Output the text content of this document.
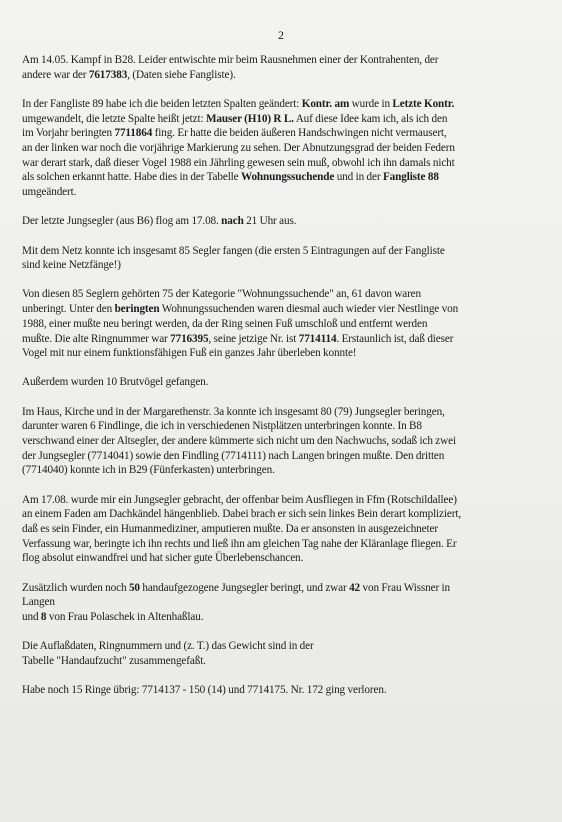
2
Am 14.05. Kampf in B28. Leider entwischte mir beim Rausnehmen einer der Kontrahenten, der
andere war der 7617383, (Daten siehe Fangliste).
In der Fangliste 89 habe ich die beiden letzten Spalten geändert: Kontr. am wurde in Letzte Kontr.
umgewandelt, die letzte Spalte heißt jetzt: Mauser (H10) R L. Auf diese Idee kam ich, als ich den
im Vorjahr beringten 7711864 fing. Er hatte die beiden äußeren Handschwingen nicht vermausert,
an der linken war noch die vorjährige Markierung zu sehen. Der Abnutzungsgrad der beiden Federn
war derart stark, daß dieser Vogel 1988 ein Jährling gewesen sein muß, obwohl ich ihn damals nicht
als solchen erkannt hatte. Habe dies in der Tabelle Wohnungssuchende und in der Fangliste 88
umgeändert.
Der letzte Jungsegler (aus B6) flog am 17.08. nach 21 Uhr aus.
Mit dem Netz konnte ich insgesamt 85 Segler fangen (die ersten 5 Eintragungen auf der Fangliste
sind keine Netzfänge!)
Von diesen 85 Seglern gehörten 75 der Kategorie "Wohnungssuchende" an, 61 davon waren
unberingt. Unter den beringten Wohnungssuchenden waren diesmal auch wieder vier Nestlinge von
1988, einer mußte neu beringt werden, da der Ring seinen Fuß umschloß und entfernt werden
mußte. Die alte Ringnummer war 7716395, seine jetzige Nr. ist 7714114. Erstaunlich ist, daß dieser
Vogel mit nur einem funktionsfähigen Fuß ein ganzes Jahr überleben konnte!
Außerdem wurden 10 Brutvögel gefangen.
Im Haus, Kirche und in der Margarethenstr. 3a konnte ich insgesamt 80 (79) Jungsegler beringen,
darunter waren 6 Findlinge, die ich in verschiedenen Nistplätzen unterbringen konnte. In B8
verschwand einer der Altsegler, der andere kümmerte sich nicht um den Nachwuchs, sodaß ich zwei
der Jungsegler (7714041) sowie den Findling (7714111) nach Langen bringen mußte. Den dritten
(7714040) konnte ich in B29 (Fünferkasten) unterbringen.
Am 17.08. wurde mir ein Jungsegler gebracht, der offenbar beim Ausfliegen in Ffm (Rotschildallee)
an einem Faden am Dachkändel hängenblieb. Dabei brach er sich sein linkes Bein derart kompliziert,
daß es sein Finder, ein Humanmediziner, amputieren mußte. Da er ansonsten in ausgezeichneter
Verfassung war, beringte ich ihn rechts und ließ ihn am gleichen Tag nahe der Kläranlage fliegen. Er
flog absolut einwandfrei und hat sicher gute Überlebenschancen.
Zusätzlich wurden noch 50 handaufgezogene Jungsegler beringt, und zwar 42 von Frau Wissner in
Langen
und 8 von Frau Polaschek in Altenhaßlau.
Die Auflaßdaten, Ringnummern und (z. T.) das Gewicht sind in der
Tabelle "Handaufzucht" zusammengefaßt.
Habe noch 15 Ringe übrig: 7714137 - 150 (14) und 7714175. Nr. 172 ging verloren.
